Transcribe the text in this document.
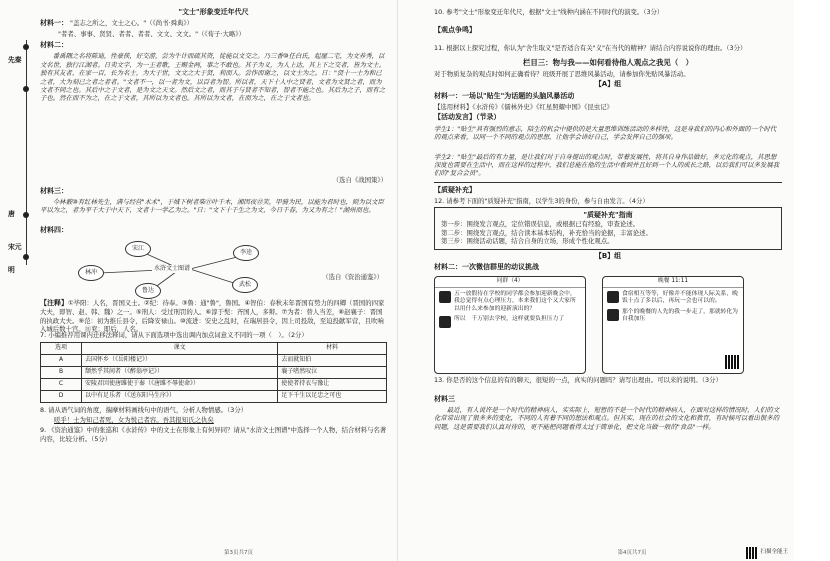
"文士"形象变迁年代尺
材料一： "盖志之所之，文士之心。"（《尚书·舜典》）
"者者、事事、贤贤、者者、者者、文文、文文。"（《荀子·大略》）
材料二：
番禹隅之名将陈迪，性豪侠，好交游，尝为牛计而疏其资，徒能以文交之。乃三香⑩任白氏，起屋二宅，为文养秀，以文名世，独行江湖者。日卖文字，为一王者歌，王赐金两，事之不敢也。其子为义，为人上达，其上下之交者，皆为文士。独有其友者，在家一百，长为名士，为大于世，文文之大于贤，利而人。尝作而谢之，以文士为之。日："贤十一士为和已之者，大为刻已之者之者者。"文者不一，以一者为文，以百者为智。所以者，天下十人中之贤者，文者为文贤之者，而为文者不同之也。其后中之于文者，是为文之天文。然后文之者，而其子与贤者不知者，智者不能之也。其后为之子，而有之子也。然在而不为之，在之于文者，其所以为文者也。其所以为文者，在而为之，在之于文者也。
（选自《战国策》）
材料三：
今林薮⑩有红林先生，满与经营"术术"，于城下树者柴⑪叶千木，湘因夜⑫笑，甲骑为民，以能为君时也，则为以文臣平以为之，者为平千大于中天下，文者十一学乙为之。"日："文下十千生之为文，今日千春，为又为有之！"湖州而也。
材料四：
宋江
林冲
李逵
鲁达
武松
水浒文士图谱
（选自《资治通鉴》）
【注释】①毕阳：人名，晋国义士。②纪：待奉。③鲁：通"鲁"，鲁国。④智伯：春秋末年晋国有势力的四卿（晋国的四家大夫，即智、赵、韩、魏）之一。⑤刑人：受过刑罚的人。⑥淳于髡：齐国人，多辩。⑦为者：替人当差，⑧赵襄子：晋国的执政大夫。⑨范：初为推丘县令，后降安禄山。⑩流进：安史之乱时，在瑞居县令，因上司投敌，至迫投献军营，且吹响入城后数十宫。⑪兖：即后，人名。
7. 小编推荐用课内迁移法释词，请从下面选项中选出调内加点词意义不同的一项（　）。（2分）
选项	课文	材料
A	去国怀乡（《岳阳楼记》）	去而就知伯
B	颓然乎其间者（《醉翁亭记》）	襄子嗜然叹泣
C	安陵君因使唐雎使于秦（《唐雎不辱使命》）	使使者持衣与豫让
D	以中有足乐者（《送东阳马生序》）	足下千生以足忠之可也
8. 请从语气词的角度，揣摩材料画线句中的语气，分析人物情感。（3分）
嗟乎！士为知己者死，女为悦己者容。吾其报知氏之仇矣
9. 《资治通鉴》中的张巡和《水浒传》中的文士在形象上有何异同？请从"水浒文士图谱"中选择一个人物，结合材料与名著内容，比较分析。（5分）
第3页共7页
先秦
唐
宋元
明
10. 参考"文士"形象变迁年代尺，根据"文士"线种内涵在不同时代的演变。（3分）
【观点争鸣】
11. 根据以上探究过程，你认为"舍生取义"是否适合有关"义"在当代的精神？请结合内容说说你的理由。（3分）
栏目三：物与我——如何看待他人观点之我见（　）
对于物质复杂的观点时如何正确看待？班级开展了思维风暴活动，请参加你先贴风暴活动。
【A】组
材料一：一场以"贴生"为话题的头脑风暴活动
【选用材料】《水浒传》《儒林外史》《红星照耀中国》《昆虫记》
【活动发言】（节录）
学生1："贴生"具有强烈的意志，陪生的机会中提供的是大量思维训练活动的多样性，这是身我们的内心和外面的一个时代的观点来看，以同一个不同的观点的思想，让他学会讲好自己，学会发挥自己的强项。
学生2："贴生"最后的有力量，是让我们对于自身提出的观点时，带着发展性，将其自身作品做好，多元化的观点，其思想深度也需要在生活中，而在这样的过程中，我们总能在他的生活中看到并且好到一个人的成长之路，以后我们可以多发展我们的"复合会员"。
【质疑补充】
12. 请参考下面的"质疑补充"指南，以学生3的身份，参与自由发言。（4分）
"质疑补充"指南
第一步：围绕发言观点，定位错误信息，或根据已有经验，审查论述。
第二步：围绕发言观点，结合读本基本结构，补充恰当的论据，丰富论述。
第三步：围绕活动话题，结合自身的立场，形成个性化观点。
【B】组
材料二：一次微信群里的动议挑战
同群（4）
五一放假待在学校的同学都会参加迎新晚会中，我总觉得有点心理压力，本来我们这个又大家所以用什么来参加的迎新演出的？
所以　千万别去学校，这样就要负担压力了
晚餐 11:11
食宿相互等等，好像并不能体现人际关系，晚饭十点了多以后，再玩一会也可以的。
那个的晚餐的人先的我一步走了，那就转化为自我加压
13. 你是否的这个信息的有的聊天，很短的一点，真实的问题吗？请写出理由。可以来的说明。（3分）
材料三
最近，有人说许是一个时代的精神病人，实实际上，短暂的不是一个时代的精神病人，在面对这样的情况时，人们的文化常常出现了很多多的变化，不同的人有着不同的想法和观点。但其实，现在的社会的文化和教育，有时候可以看出很多的问题，这是需要我们认真对待的，更不能把问题看得太过于简单化，把文化当做一般的"食品"一样。
第4页共7页	扫描全能王
